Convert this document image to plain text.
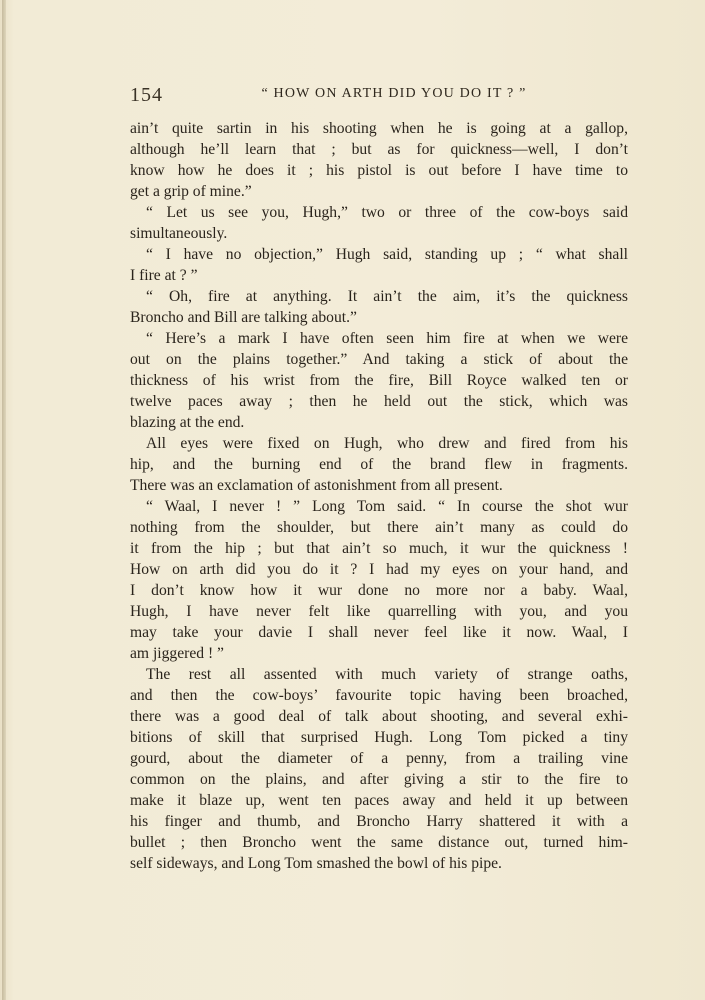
154	“ HOW ON ARTH DID YOU DO IT ? ”
ain’t quite sartin in his shooting when he is going at a gallop,
although he’ll learn that ; but as for quickness—well, I don’t
know how he does it ; his pistol is out before I have time to
get a grip of mine.”
“ Let us see you, Hugh,” two or three of the cow-boys said
simultaneously.
“ I have no objection,” Hugh said, standing up ; “ what shall
I fire at ? ”
“ Oh, fire at anything. It ain’t the aim, it’s the quickness
Broncho and Bill are talking about.”
“ Here’s a mark I have often seen him fire at when we were
out on the plains together.” And taking a stick of about the
thickness of his wrist from the fire, Bill Royce walked ten or
twelve paces away ; then he held out the stick, which was
blazing at the end.
All eyes were fixed on Hugh, who drew and fired from his
hip, and the burning end of the brand flew in fragments.
There was an exclamation of astonishment from all present.
“ Waal, I never ! ” Long Tom said. “ In course the shot wur
nothing from the shoulder, but there ain’t many as could do
it from the hip ; but that ain’t so much, it wur the quickness !
How on arth did you do it ? I had my eyes on your hand, and
I don’t know how it wur done no more nor a baby. Waal,
Hugh, I have never felt like quarrelling with you, and you
may take your davie I shall never feel like it now. Waal, I
am jiggered ! ”
The rest all assented with much variety of strange oaths,
and then the cow-boys’ favourite topic having been broached,
there was a good deal of talk about shooting, and several exhi-
bitions of skill that surprised Hugh. Long Tom picked a tiny
gourd, about the diameter of a penny, from a trailing vine
common on the plains, and after giving a stir to the fire to
make it blaze up, went ten paces away and held it up between
his finger and thumb, and Broncho Harry shattered it with a
bullet ; then Broncho went the same distance out, turned him-
self sideways, and Long Tom smashed the bowl of his pipe.
